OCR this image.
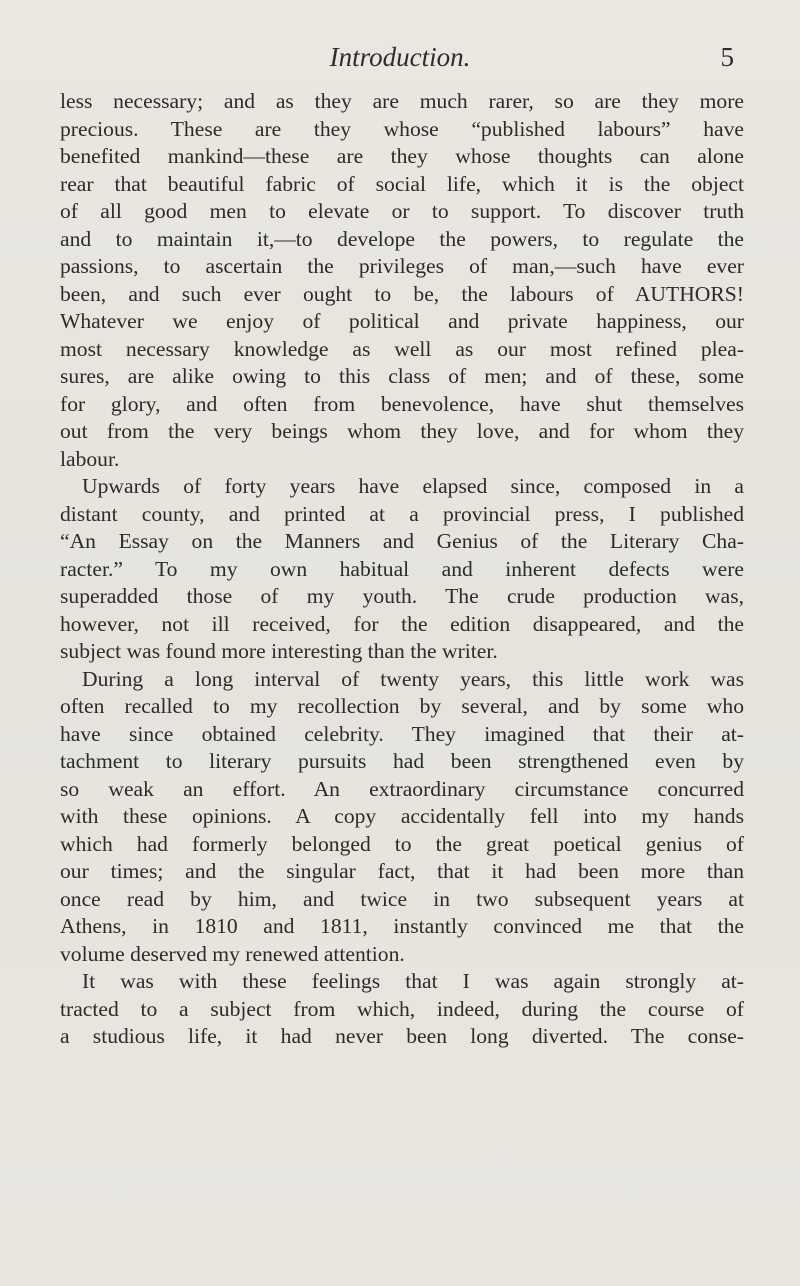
Introduction.	5
less necessary; and as they are much rarer, so are they more
precious. These are they whose “published labours” have
benefited mankind—these are they whose thoughts can alone
rear that beautiful fabric of social life, which it is the object
of all good men to elevate or to support. To discover truth
and to maintain it,—to develope the powers, to regulate the
passions, to ascertain the privileges of man,—such have ever
been, and such ever ought to be, the labours of AUTHORS!
Whatever we enjoy of political and private happiness, our
most necessary knowledge as well as our most refined plea-
sures, are alike owing to this class of men; and of these, some
for glory, and often from benevolence, have shut themselves
out from the very beings whom they love, and for whom they
labour.
Upwards of forty years have elapsed since, composed in a
distant county, and printed at a provincial press, I published
“An Essay on the Manners and Genius of the Literary Cha-
racter.” To my own habitual and inherent defects were
superadded those of my youth. The crude production was,
however, not ill received, for the edition disappeared, and the
subject was found more interesting than the writer.
During a long interval of twenty years, this little work was
often recalled to my recollection by several, and by some who
have since obtained celebrity. They imagined that their at-
tachment to literary pursuits had been strengthened even by
so weak an effort. An extraordinary circumstance concurred
with these opinions. A copy accidentally fell into my hands
which had formerly belonged to the great poetical genius of
our times; and the singular fact, that it had been more than
once read by him, and twice in two subsequent years at
Athens, in 1810 and 1811, instantly convinced me that the
volume deserved my renewed attention.
It was with these feelings that I was again strongly at-
tracted to a subject from which, indeed, during the course of
a studious life, it had never been long diverted. The conse-
